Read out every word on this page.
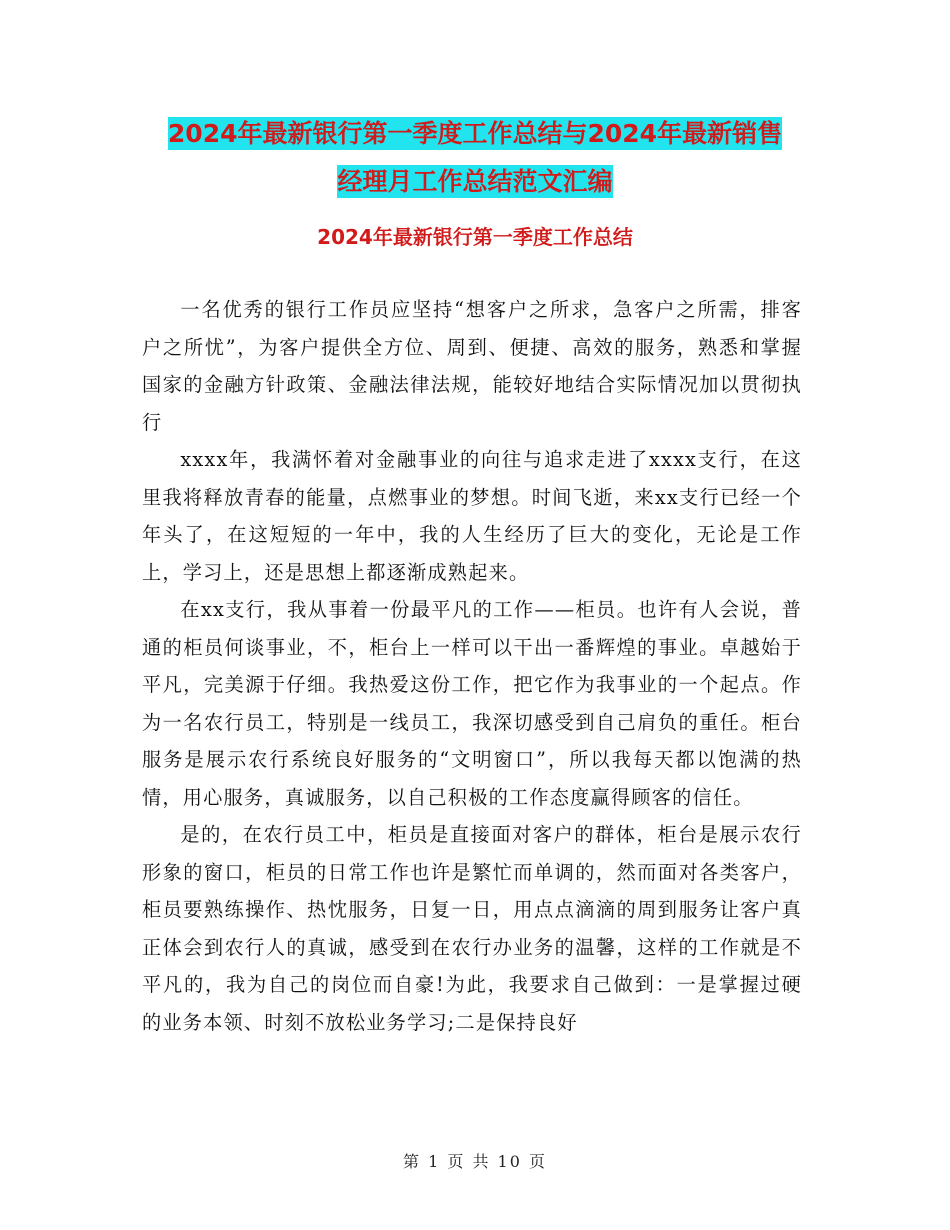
2024年最新银行第一季度工作总结与2024年最新销售
经理月工作总结范文汇编
2024年最新银行第一季度工作总结

一名优秀的银行工作员应坚持“想客户之所求，急客户之所需，排客户之所忧”，为客户提供全方位、周到、便捷、高效的服务，熟悉和掌握国家的金融方针政策、金融法律法规，能较好地结合实际情况加以贯彻执行

xxxx年，我满怀着对金融事业的向往与追求走进了xxxx支行，在这里我将释放青春的能量，点燃事业的梦想。时间飞逝，来xx支行已经一个年头了，在这短短的一年中，我的人生经历了巨大的变化，无论是工作上，学习上，还是思想上都逐渐成熟起来。

在xx支行，我从事着一份最平凡的工作——柜员。也许有人会说，普通的柜员何谈事业，不，柜台上一样可以干出一番辉煌的事业。卓越始于平凡，完美源于仔细。我热爱这份工作，把它作为我事业的一个起点。作为一名农行员工，特别是一线员工，我深切感受到自己肩负的重任。柜台服务是展示农行系统良好服务的“文明窗口”，所以我每天都以饱满的热情，用心服务，真诚服务，以自己积极的工作态度赢得顾客的信任。

是的，在农行员工中，柜员是直接面对客户的群体，柜台是展示农行形象的窗口，柜员的日常工作也许是繁忙而单调的，然而面对各类客户，柜员要熟练操作、热忱服务，日复一日，用点点滴滴的周到服务让客户真正体会到农行人的真诚，感受到在农行办业务的温馨，这样的工作就是不平凡的，我为自己的岗位而自豪!为此，我要求自己做到：一是掌握过硬的业务本领、时刻不放松业务学习;二是保持良好

第 1 页 共 10 页
